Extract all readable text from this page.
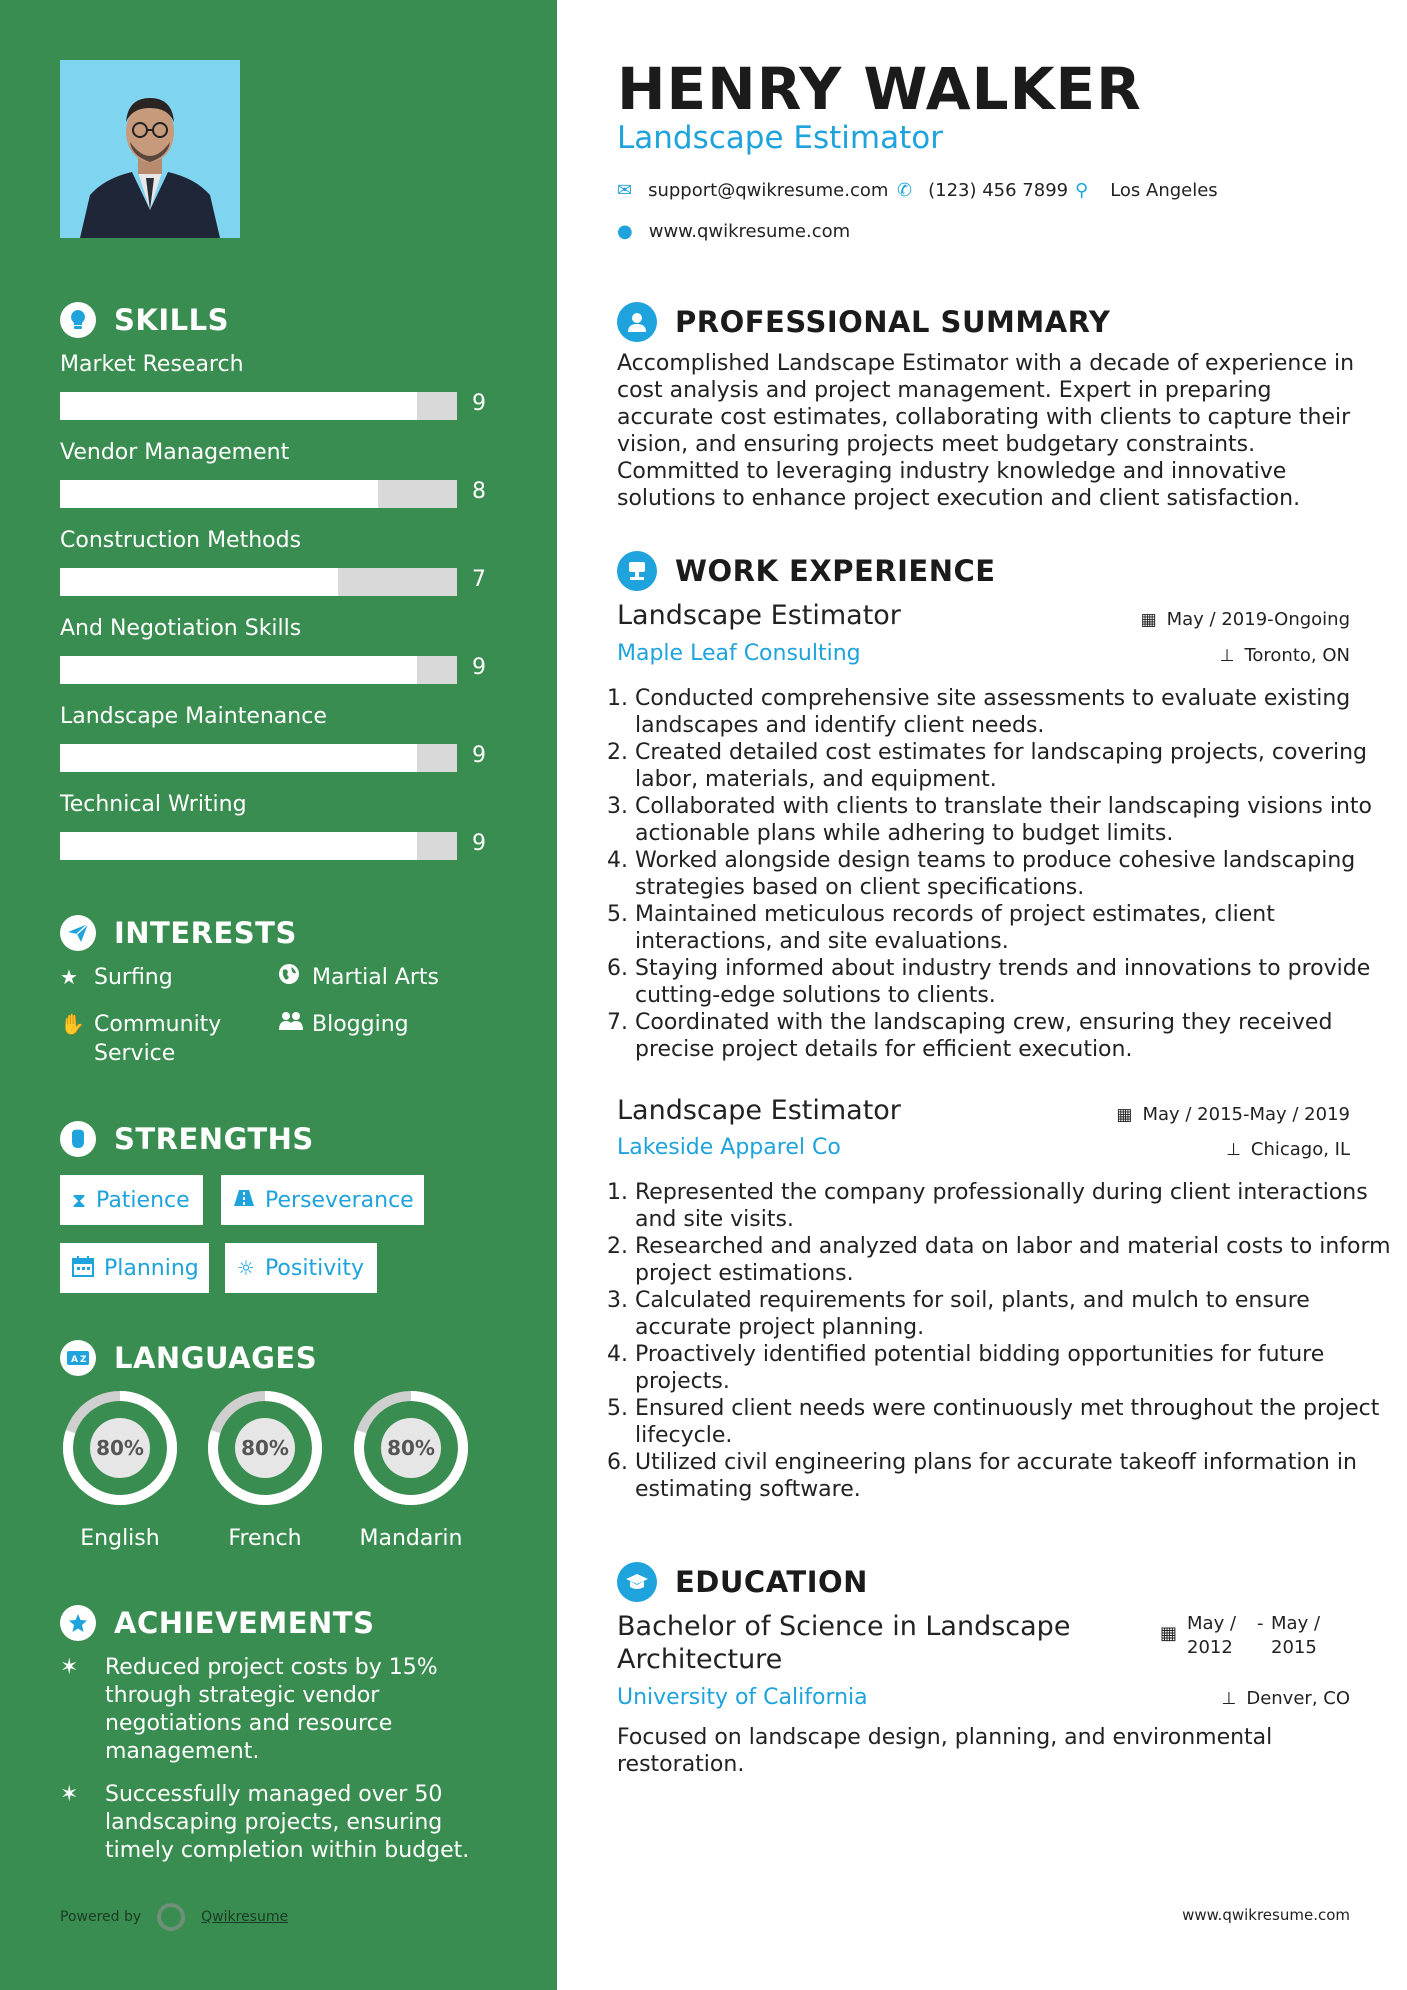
SKILLS
Market Research
9
Vendor Management
8
Construction Methods
7
And Negotiation Skills
9
Landscape Maintenance
9
Technical Writing
9
INTERESTS
★ Surfing	Martial Arts
✋ Community
Service
Blogging
STRENGTHS
⧗ Patience	Perseverance
Planning ☼ Positivity
A Z LANGUAGES
80%
English
80%
French
80%
Mandarin
ACHIEVEMENTS
✶	Reduced project costs by 15% through strategic vendor negotiations and resource management.
✶	Successfully managed over 50 landscaping projects, ensuring timely completion within budget.
Powered by	Qwikresume
HENRY WALKER
Landscape Estimator
✉ support@qwikresume.com ✆ (123) 456 7899 ⚲ Los Angeles
● www.qwikresume.com
PROFESSIONAL SUMMARY
Accomplished Landscape Estimator with a decade of experience in cost analysis and project management. Expert in preparing accurate cost estimates, collaborating with clients to capture their vision, and ensuring projects meet budgetary constraints. Committed to leveraging industry knowledge and innovative solutions to enhance project execution and client satisfaction.
WORK EXPERIENCE
Landscape Estimator	▦ May / 2019-Ongoing
Maple Leaf Consulting	⊥ Toronto, ON
1. Conducted comprehensive site assessments to evaluate existing landscapes and identify client needs.
2. Created detailed cost estimates for landscaping projects, covering labor, materials, and equipment.
3. Collaborated with clients to translate their landscaping visions into actionable plans while adhering to budget limits.
4. Worked alongside design teams to produce cohesive landscaping strategies based on client specifications.
5. Maintained meticulous records of project estimates, client interactions, and site evaluations.
6. Staying informed about industry trends and innovations to provide cutting-edge solutions to clients.
7. Coordinated with the landscaping crew, ensuring they received precise project details for efficient execution.
Landscape Estimator	▦ May / 2015-May / 2019
Lakeside Apparel Co	⊥ Chicago, IL
1. Represented the company professionally during client interactions and site visits.
2. Researched and analyzed data on labor and material costs to inform project estimations.
3. Calculated requirements for soil, plants, and mulch to ensure accurate project planning.
4. Proactively identified potential bidding opportunities for future projects.
5. Ensured client needs were continuously met throughout the project lifecycle.
6. Utilized civil engineering plans for accurate takeoff information in estimating software.
EDUCATION
Bachelor of Science in Landscape Architecture
▦ May /
2012
- May /
2015
University of California	⊥ Denver, CO
Focused on landscape design, planning, and environmental restoration.
www.qwikresume.com
